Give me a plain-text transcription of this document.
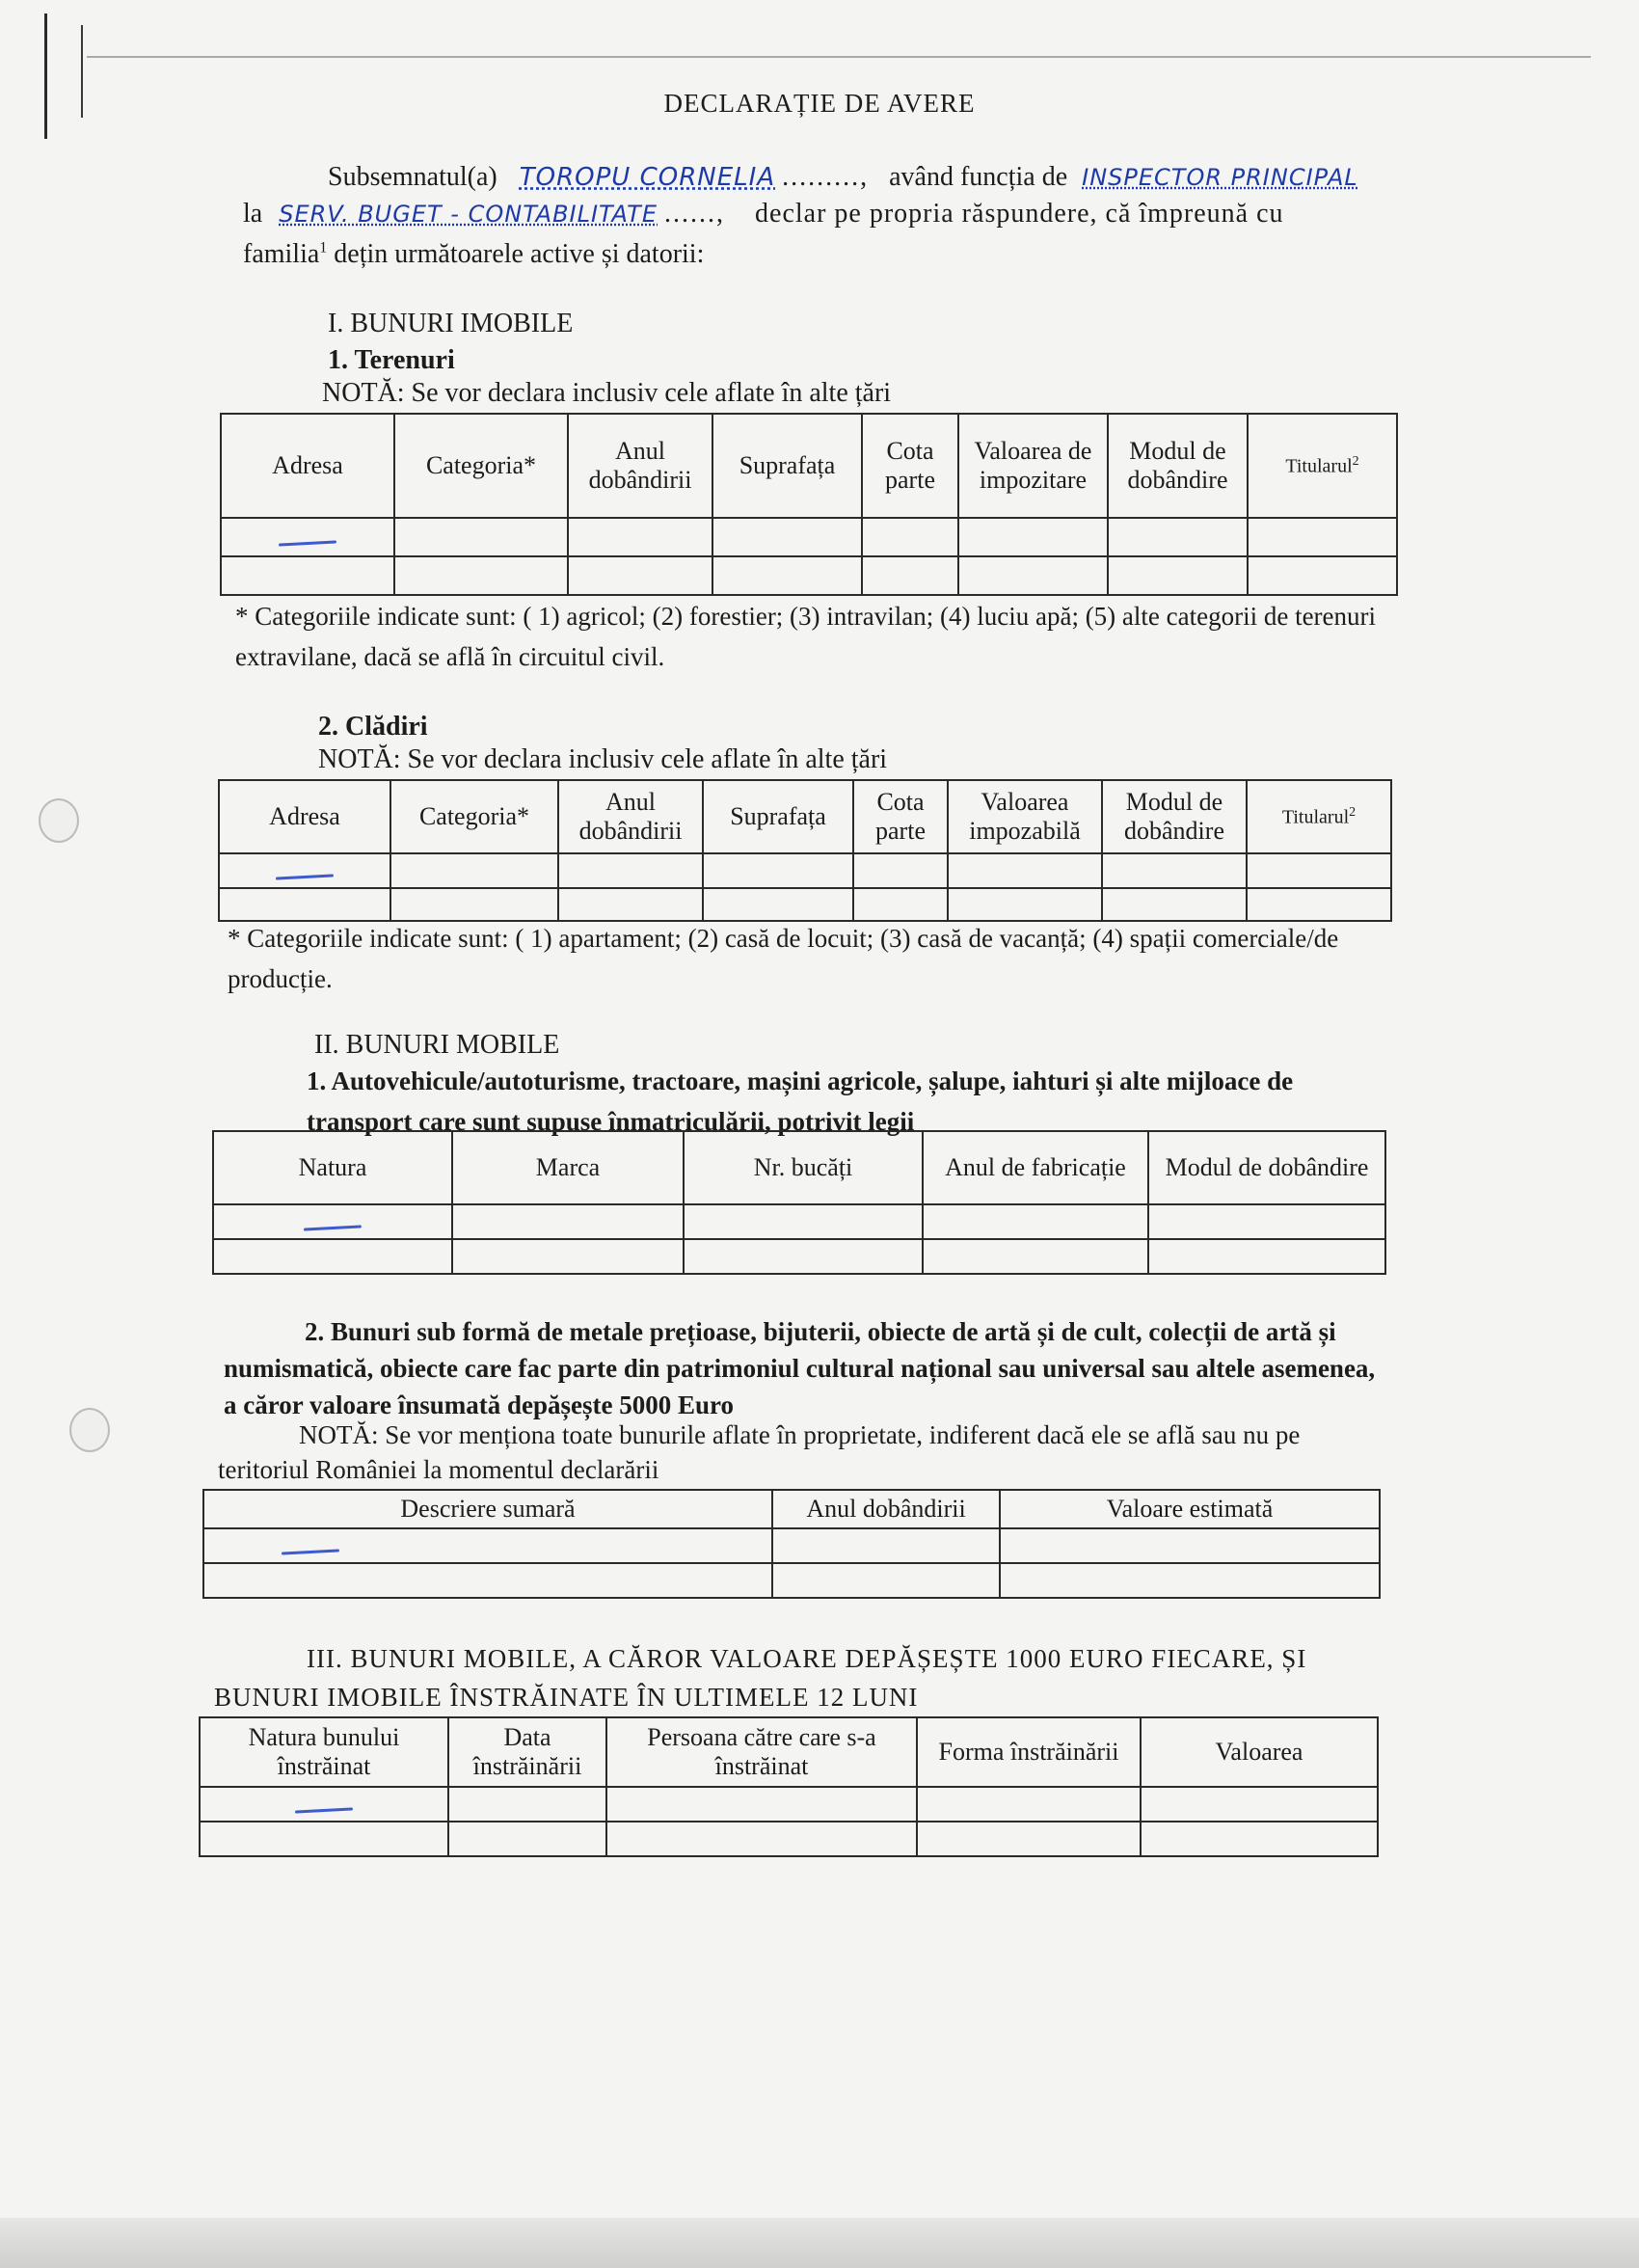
DECLARAȚIE DE AVERE
Subsemnatul(a) TOROPU CORNELIA ........., având funcția de INSPECTOR PRINCIPAL
la SERV. BUGET - CONTABILITATE ......, declar pe propria răspundere, că împreună cu
familia$^1$ dețin următoarele active și datorii:
I. BUNURI IMOBILE
1. Terenuri
NOTĂ: Se vor declara inclusiv cele aflate în alte țări
Adresa	Categoria*	Anul dobândirii	Suprafața	Cota parte	Valoarea de impozitare	Modul de dobândire	Titularul$^2$

* Categoriile indicate sunt: ( 1) agricol; (2) forestier; (3) intravilan; (4) luciu apă; (5) alte categorii de terenuri extravilane, dacă se află în circuitul civil.
2. Clădiri
NOTĂ: Se vor declara inclusiv cele aflate în alte țări
Adresa	Categoria*	Anul dobândirii	Suprafața	Cota parte	Valoarea impozabilă	Modul de dobândire	Titularul$^2$

* Categoriile indicate sunt: ( 1) apartament; (2) casă de locuit; (3) casă de vacanță; (4) spații comerciale/de producție.
II. BUNURI MOBILE
1. Autovehicule/autoturisme, tractoare, mașini agricole, șalupe, iahturi și alte mijloace de transport care sunt supuse înmatriculării, potrivit legii
Natura	Marca	Nr. bucăți	Anul de fabricație	Modul de dobândire

2. Bunuri sub formă de metale prețioase, bijuterii, obiecte de artă și de cult, colecții de artă și numismatică, obiecte care fac parte din patrimoniul cultural național sau universal sau altele asemenea, a căror valoare însumată depășește 5000 Euro
NOTĂ: Se vor menționa toate bunurile aflate în proprietate, indiferent dacă ele se află sau nu pe teritoriul României la momentul declarării
Descriere sumară	Anul dobândirii	Valoare estimată

III. BUNURI MOBILE, A CĂROR VALOARE DEPĂȘEȘTE 1000 EURO FIECARE, ȘI BUNURI IMOBILE ÎNSTRĂINATE ÎN ULTIMELE 12 LUNI
Natura bunului înstrăinat	Data înstrăinării	Persoana către care s-a înstrăinat	Forma înstrăinării	Valoarea
